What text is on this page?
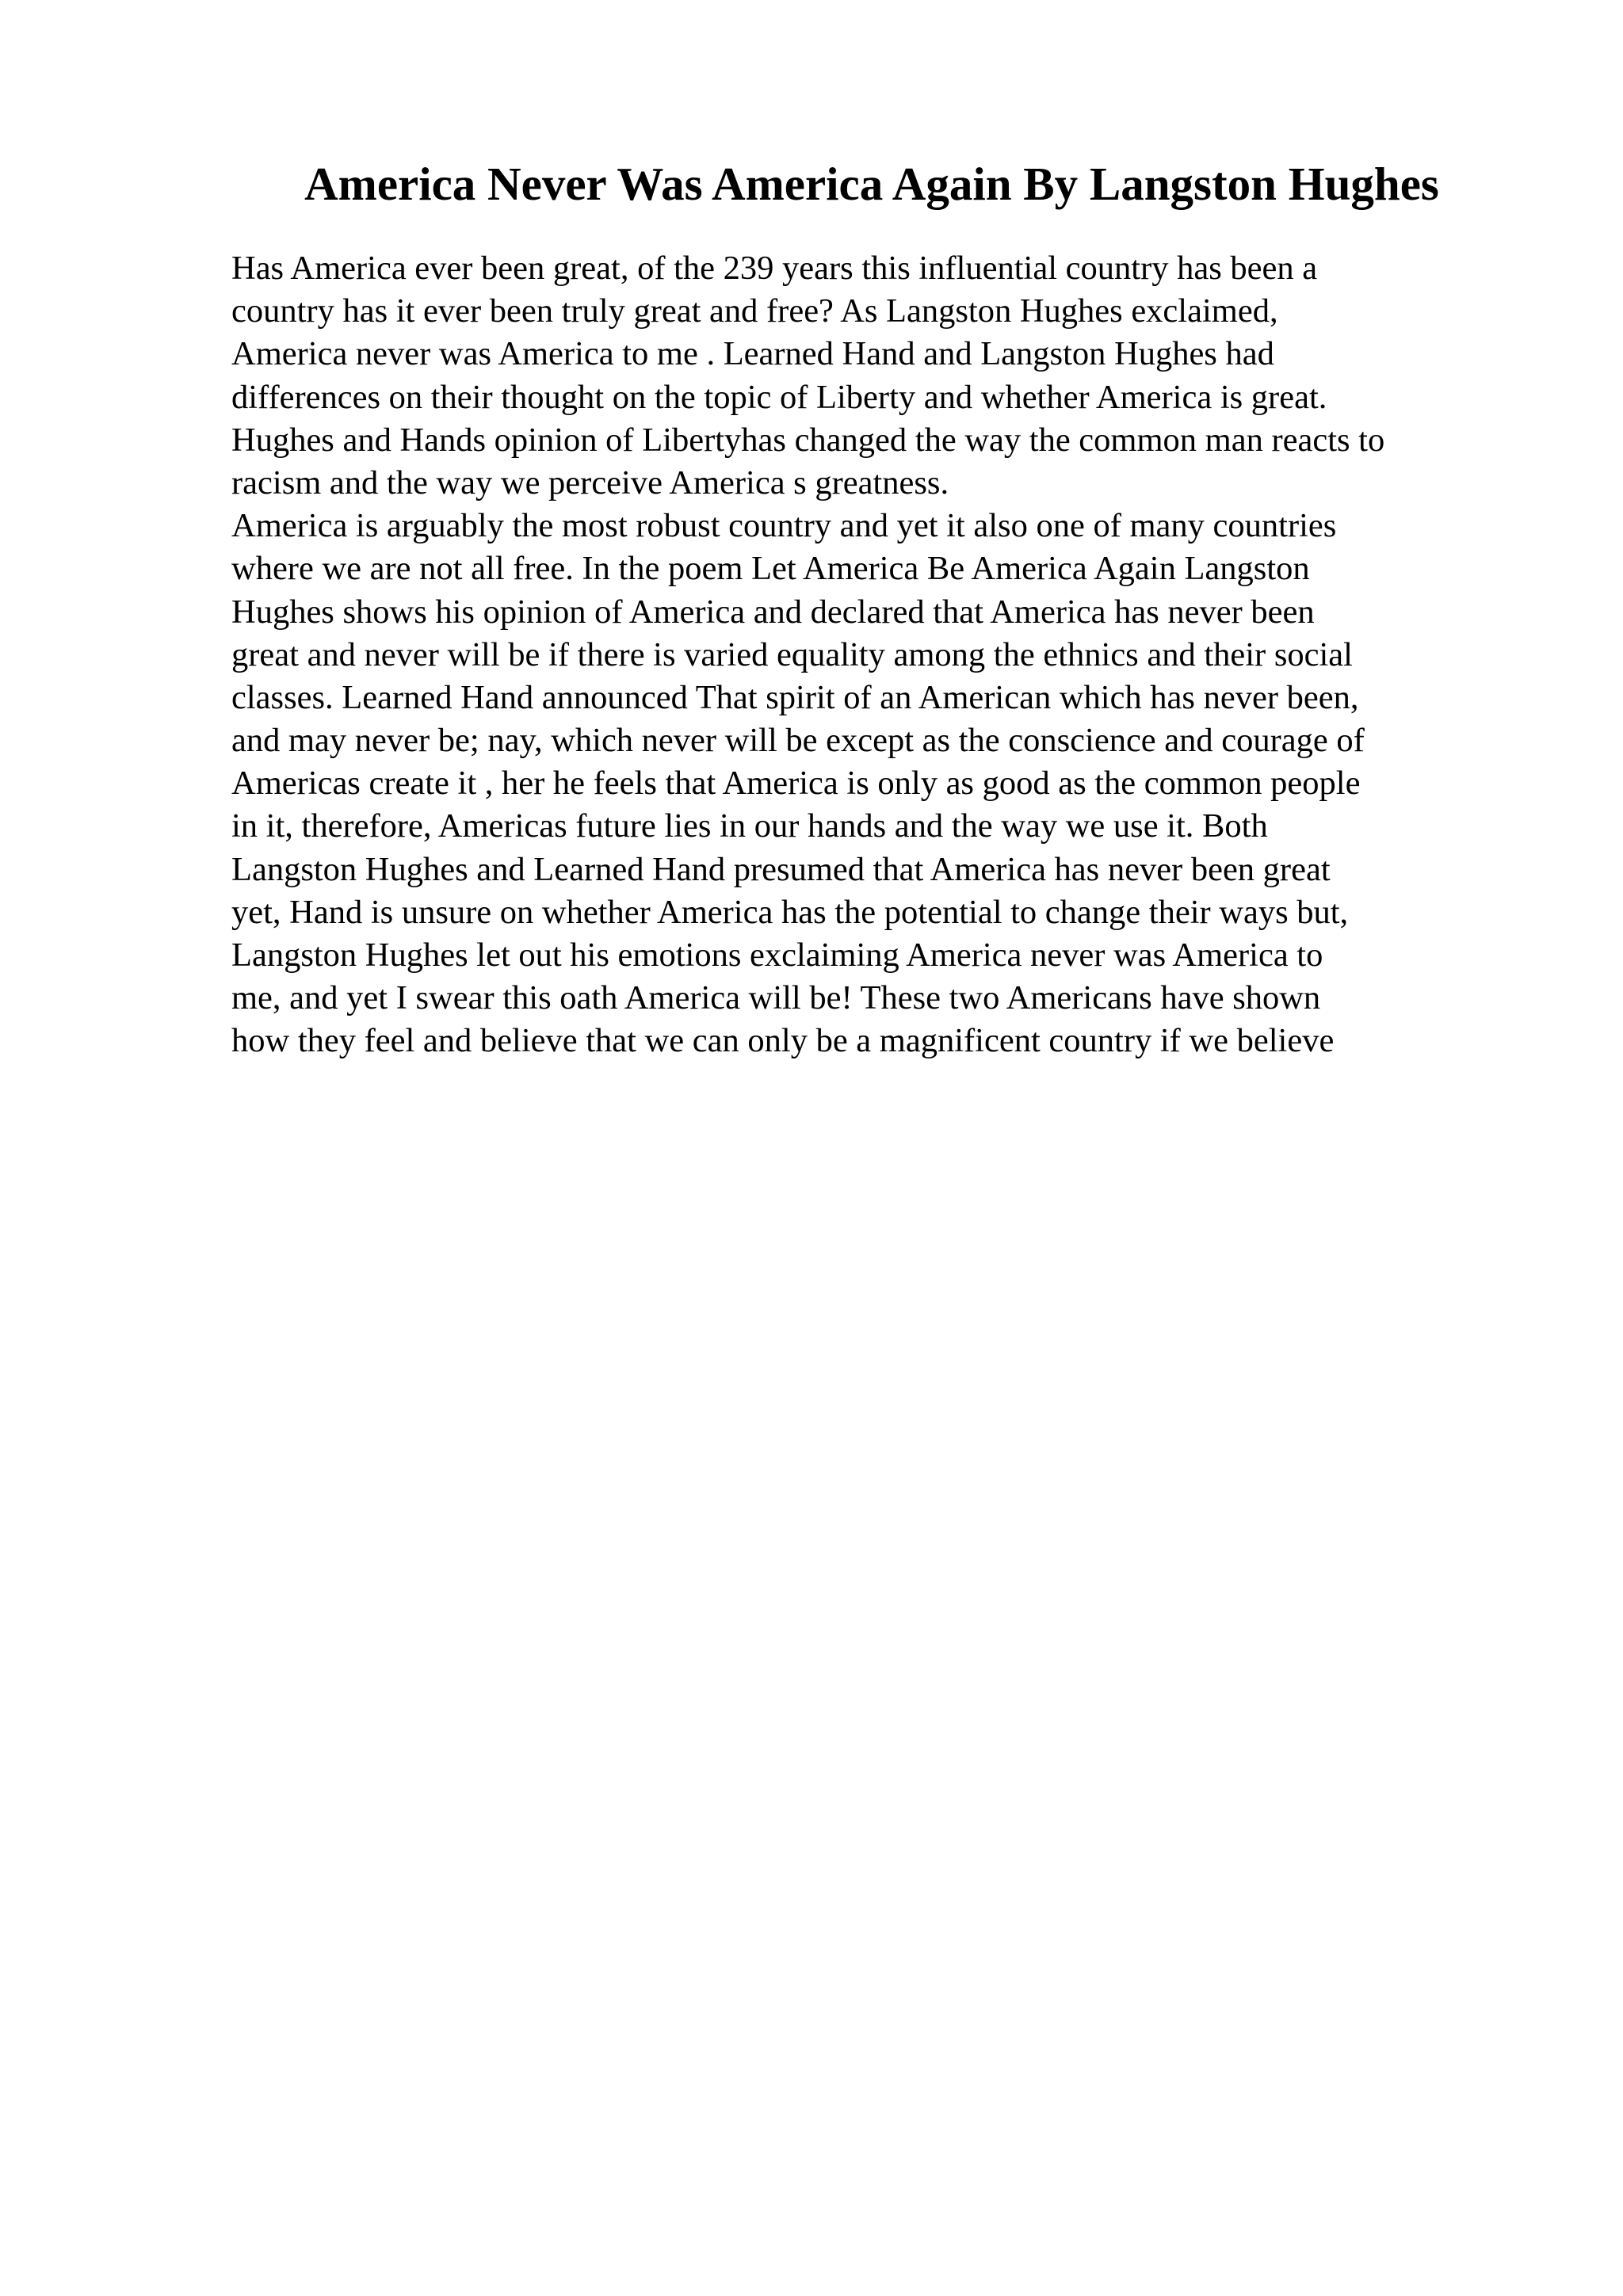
America Never Was America Again By Langston Hughes
Has America ever been great, of the 239 years this influential country has been a
country has it ever been truly great and free? As Langston Hughes exclaimed,
America never was America to me . Learned Hand and Langston Hughes had
differences on their thought on the topic of Liberty and whether America is great.
Hughes and Hands opinion of Libertyhas changed the way the common man reacts to
racism and the way we perceive America s greatness.
America is arguably the most robust country and yet it also one of many countries
where we are not all free. In the poem Let America Be America Again Langston
Hughes shows his opinion of America and declared that America has never been
great and never will be if there is varied equality among the ethnics and their social
classes. Learned Hand announced That spirit of an American which has never been,
and may never be; nay, which never will be except as the conscience and courage of
Americas create it , her he feels that America is only as good as the common people
in it, therefore, Americas future lies in our hands and the way we use it. Both
Langston Hughes and Learned Hand presumed that America has never been great
yet, Hand is unsure on whether America has the potential to change their ways but,
Langston Hughes let out his emotions exclaiming America never was America to
me, and yet I swear this oath America will be! These two Americans have shown
how they feel and believe that we can only be a magnificent country if we believe
